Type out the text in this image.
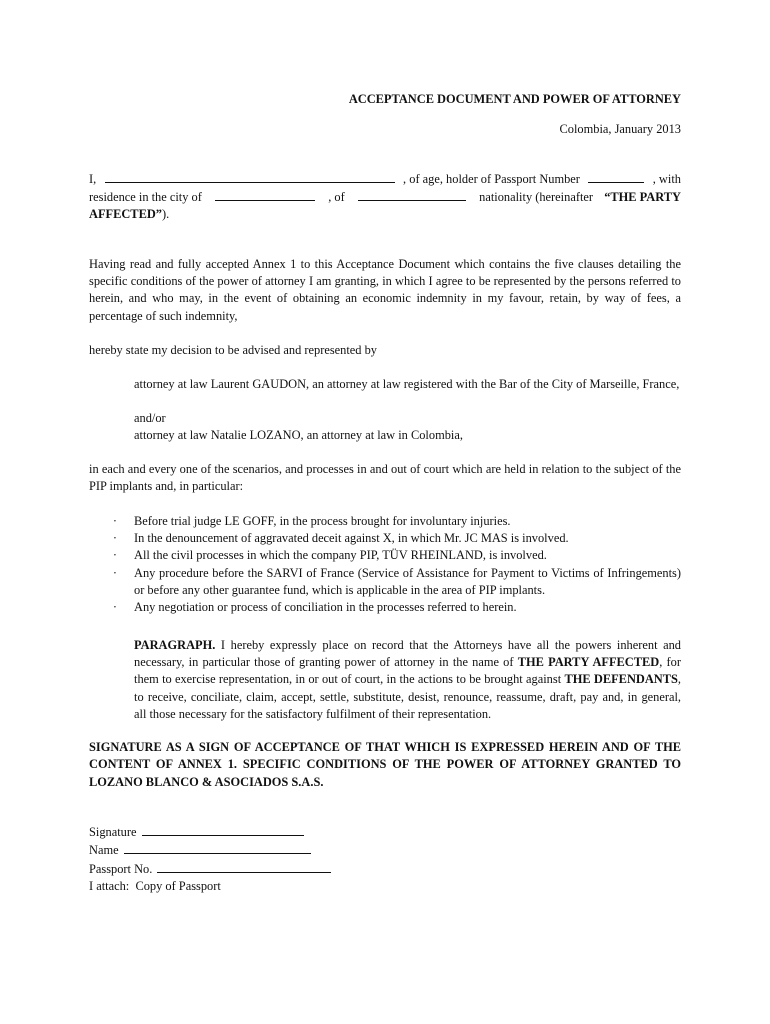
ACCEPTANCE DOCUMENT AND POWER OF ATTORNEY
Colombia, January 2013
I,	, of age, holder of Passport Number	, with
residence in the city of	, of	nationality (hereinafter “THE PARTY
AFFECTED”).
Having read and fully accepted Annex 1 to this Acceptance Document which contains the five clauses detailing the specific conditions of the power of attorney I am granting, in which I agree to be represented by the persons referred to herein, and who may, in the event of obtaining an economic indemnity in my favour, retain, by way of fees, a percentage of such indemnity,
hereby state my decision to be advised and represented by
attorney at law Laurent GAUDON, an attorney at law registered with the Bar of the City of Marseille, France,
and/or
attorney at law Natalie LOZANO, an attorney at law in Colombia,
in each and every one of the scenarios, and processes in and out of court which are held in relation to the subject of the PIP implants and, in particular:
· Before trial judge LE GOFF, in the process brought for involuntary injuries.
· In the denouncement of aggravated deceit against X, in which Mr. JC MAS is involved.
· All the civil processes in which the company PIP, TÜV RHEINLAND, is involved.
· Any procedure before the SARVI of France (Service of Assistance for Payment to Victims of Infringements) or before any other guarantee fund, which is applicable in the area of PIP implants.
· Any negotiation or process of conciliation in the processes referred to herein.
PARAGRAPH. I hereby expressly place on record that the Attorneys have all the powers inherent and necessary, in particular those of granting power of attorney in the name of THE PARTY AFFECTED, for them to exercise representation, in or out of court, in the actions to be brought against THE DEFENDANTS, to receive, conciliate, claim, accept, settle, substitute, desist, renounce, reassume, draft, pay and, in general, all those necessary for the satisfactory fulfilment of their representation.
SIGNATURE AS A SIGN OF ACCEPTANCE OF THAT WHICH IS EXPRESSED HEREIN AND OF THE CONTENT OF ANNEX 1. SPECIFIC CONDITIONS OF THE POWER OF ATTORNEY GRANTED TO LOZANO BLANCO & ASOCIADOS S.A.S.
Signature
Name
Passport No.
I attach:  Copy of Passport
